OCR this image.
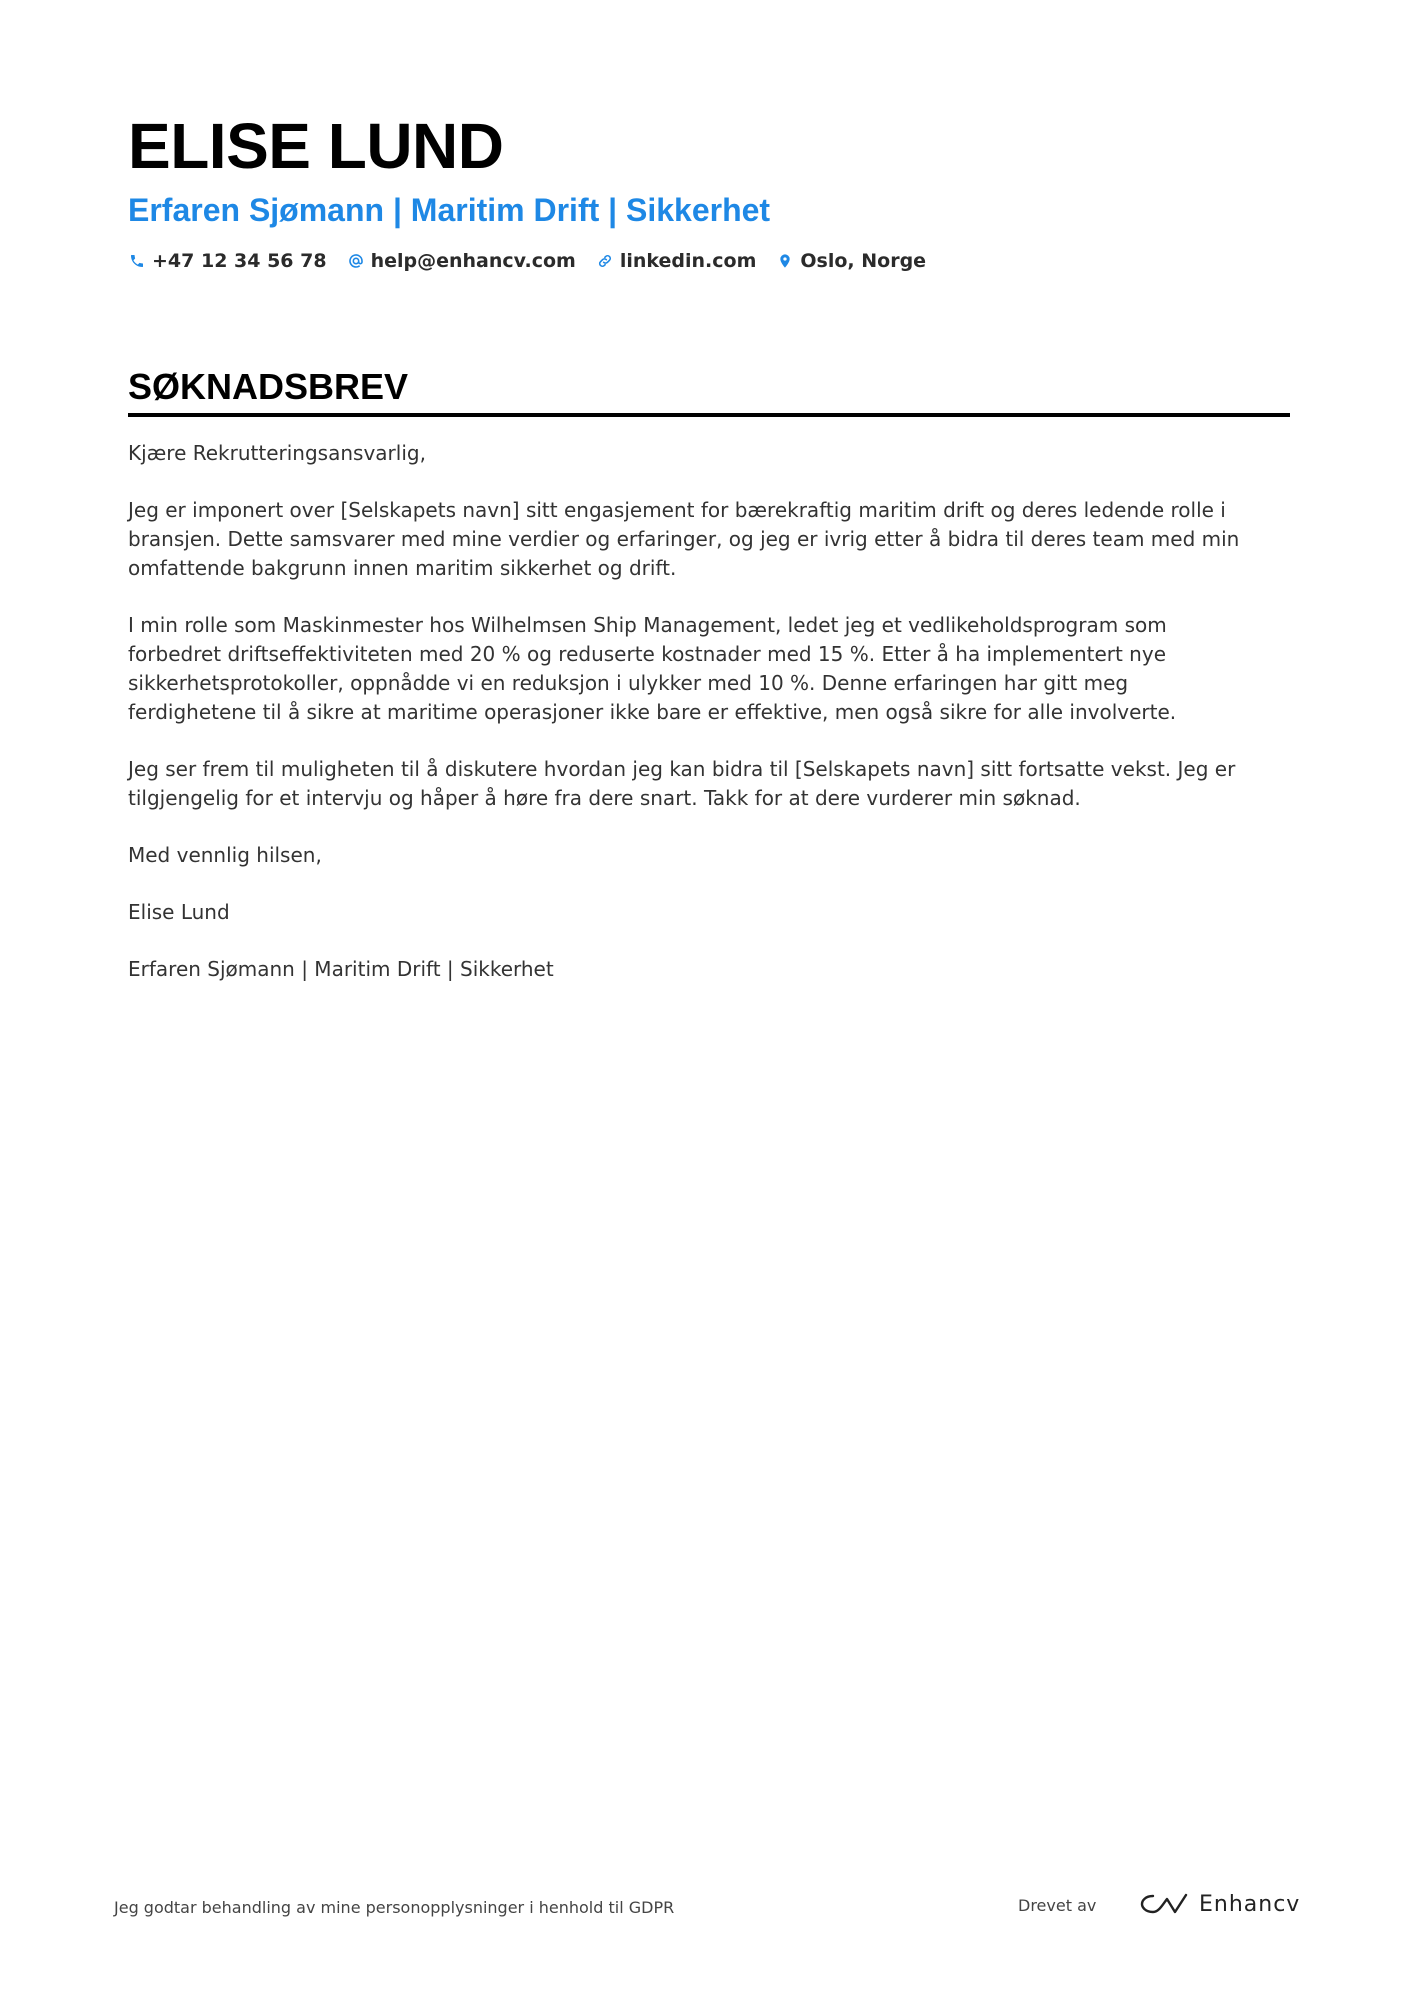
ELISE LUND
Erfaren Sjømann | Maritim Drift | Sikkerhet
+47 12 34 56 78 help@enhancv.com linkedin.com Oslo, Norge
SØKNADSBREV

Kjære Rekrutteringsansvarlig,

Jeg er imponert over [Selskapets navn] sitt engasjement for bærekraftig maritim drift og deres ledende rolle i bransjen. Dette samsvarer med mine verdier og erfaringer, og jeg er ivrig etter å bidra til deres team med min omfattende bakgrunn innen maritim sikkerhet og drift.

I min rolle som Maskinmester hos Wilhelmsen Ship Management, ledet jeg et vedlikeholdsprogram som forbedret driftseffektiviteten med 20 % og reduserte kostnader med 15 %. Etter å ha implementert nye sikkerhetsprotokoller, oppnådde vi en reduksjon i ulykker med 10 %. Denne erfaringen har gitt meg ferdighetene til å sikre at maritime operasjoner ikke bare er effektive, men også sikre for alle involverte.

Jeg ser frem til muligheten til å diskutere hvordan jeg kan bidra til [Selskapets navn] sitt fortsatte vekst. Jeg er tilgjengelig for et intervju og håper å høre fra dere snart. Takk for at dere vurderer min søknad.

Med vennlig hilsen,

Elise Lund

Erfaren Sjømann | Maritim Drift | Sikkerhet

Jeg godtar behandling av mine personopplysninger i henhold til GDPR	Drevet av	Enhancv
